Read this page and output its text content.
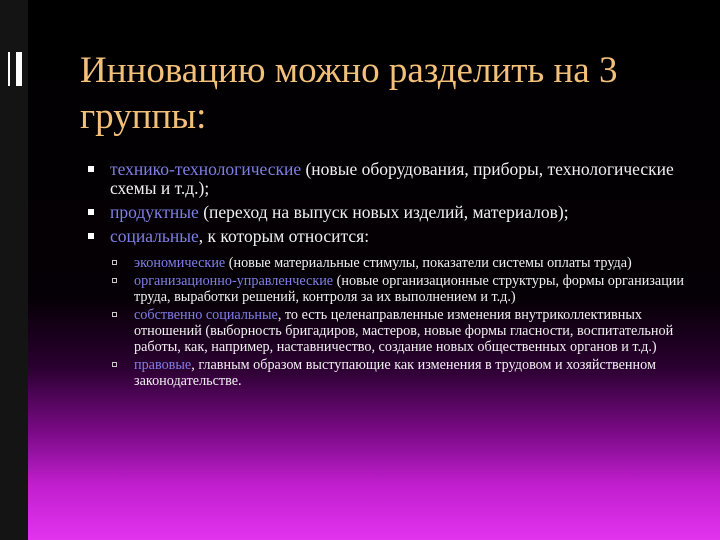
Инновацию можно разделить на 3 группы:
технико-технологические (новые оборудования, приборы, технологические схемы и т.д.);
продуктные (переход на выпуск новых изделий, материалов);
социальные, к которым относится:
экономические (новые материальные стимулы, показатели системы оплаты труда)
организационно-управленческие (новые организационные структуры, формы организации труда, выработки решений, контроля за их выполнением и т.д.)
собственно социальные, то есть целенаправленные изменения внутриколлективных отношений (выборность бригадиров, мастеров, новые формы гласности, воспитательной работы, как, например, наставничество, создание новых общественных органов и т.д.)
правовые, главным образом выступающие как изменения в трудовом и хозяйственном законодательстве.
